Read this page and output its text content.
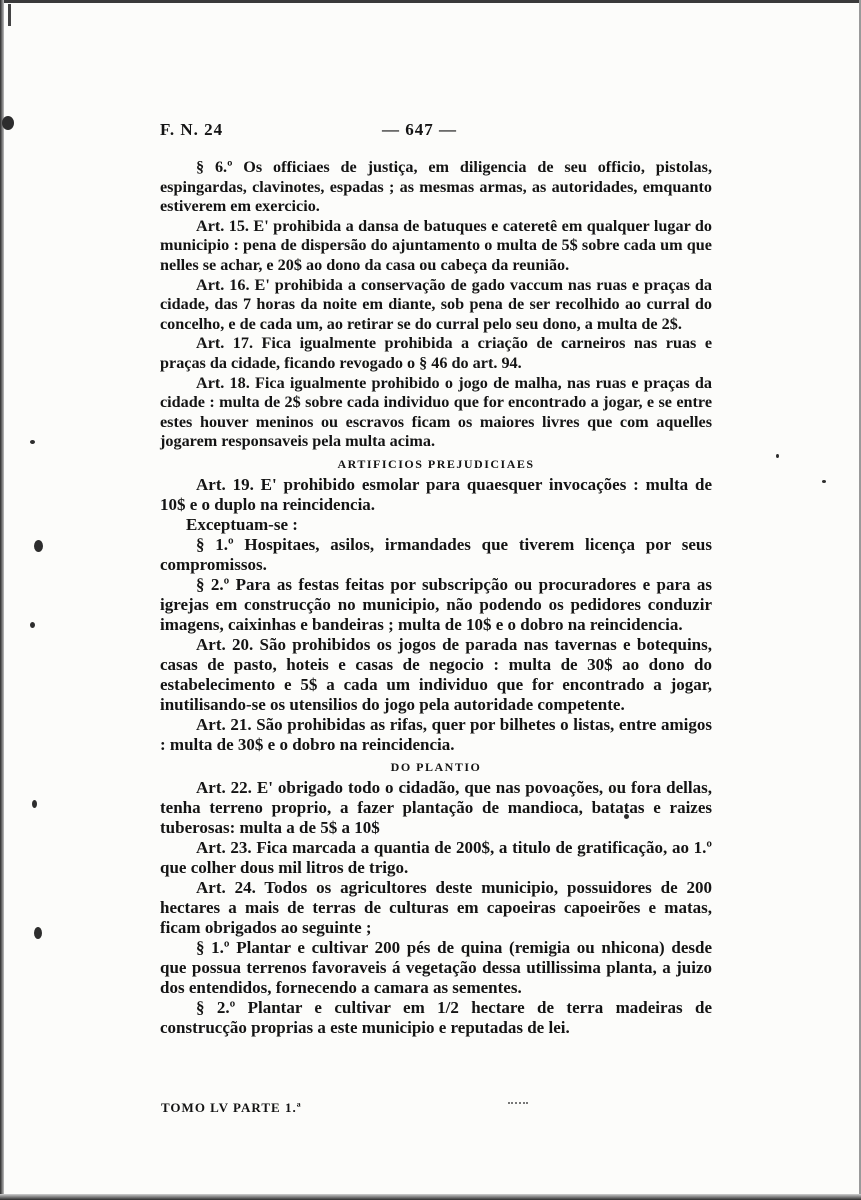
F. N. 24	— 647 —

§ 6.º Os officiaes de justiça, em diligencia de seu officio, pistolas, espingardas, clavinotes, espadas ; as mesmas armas, as autoridades, emquanto estiverem em exercicio.

Art. 15. E' prohibida a dansa de batuques e cateretê em qualquer lugar do municipio : pena de dispersão do ajuntamento o multa de 5$ sobre cada um que nelles se achar, e 20$ ao dono da casa ou cabeça da reunião.

Art. 16. E' prohibida a conservação de gado vaccum nas ruas e praças da cidade, das 7 horas da noite em diante, sob pena de ser recolhido ao curral do concelho, e de cada um, ao retirar se do curral pelo seu dono, a multa de 2$.

Art. 17. Fica igualmente prohibida a criação de carneiros nas ruas e praças da cidade, ficando revogado o § 46 do art. 94.

Art. 18. Fica igualmente prohibido o jogo de malha, nas ruas e praças da cidade : multa de 2$ sobre cada individuo que for encontrado a jogar, e se entre estes houver meninos ou escravos ficam os maiores livres que com aquelles jogarem responsaveis pela multa acima.

ARTIFICIOS PREJUDICIAES

Art. 19. E' prohibido esmolar para quaesquer invocações : multa de 10$ e o duplo na reincidencia.

Exceptuam-se :

§ 1.º Hospitaes, asilos, irmandades que tiverem licença por seus compromissos.

§ 2.º Para as festas feitas por subscripção ou procuradores e para as igrejas em construcção no municipio, não podendo os pedidores conduzir imagens, caixinhas e bandeiras ; multa de 10$ e o dobro na reincidencia.

Art. 20. São prohibidos os jogos de parada nas tavernas e botequins, casas de pasto, hoteis e casas de negocio : multa de 30$ ao dono do estabelecimento e 5$ a cada um individuo que for encontrado a jogar, inutilisando-se os utensilios do jogo pela autoridade competente.

Art. 21. São prohibidas as rifas, quer por bilhetes o listas, entre amigos : multa de 30$ e o dobro na reincidencia.

DO PLANTIO

Art. 22. E' obrigado todo o cidadão, que nas povoações, ou fora dellas, tenha terreno proprio, a fazer plantação de mandioca, batatas e raizes tuberosas: multa a de 5$ a 10$

Art. 23. Fica marcada a quantia de 200$, a titulo de gratificação, ao 1.º que colher dous mil litros de trigo.

Art. 24. Todos os agricultores deste municipio, possuidores de 200 hectares a mais de terras de culturas em capoeiras capoeirões e matas, ficam obrigados ao seguinte ;

§ 1.º Plantar e cultivar 200 pés de quina (remigia ou nhicona) desde que possua terrenos favoraveis á vegetação dessa utillissima planta, a juizo dos entendidos, fornecendo a camara as sementes.

§ 2.º Plantar e cultivar em 1/2 hectare de terra madeiras de construcção proprias a este municipio e reputadas de lei.

TOMO LV PARTE 1.ª
